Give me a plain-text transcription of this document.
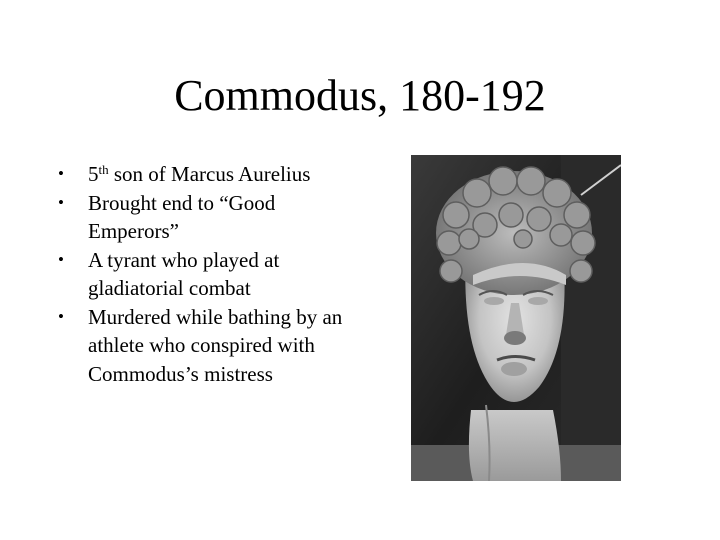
Commodus, 180-192
• 5th son of Marcus Aurelius
• Brought end to “Good Emperors”
• A tyrant who played at gladiatorial combat
• Murdered while bathing by an athlete who conspired with Commodus’s mistress
